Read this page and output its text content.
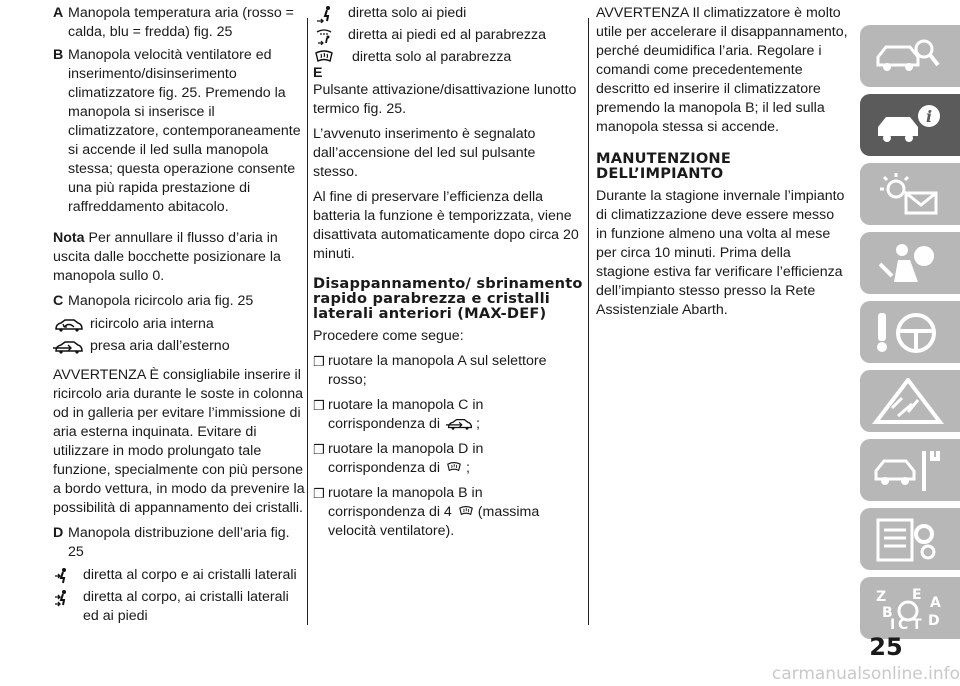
A Manopola temperatura aria (rosso = calda, blu = fredda) fig. 25
B Manopola velocità ventilatore ed inserimento/disinserimento climatizzatore fig. 25. Premendo la manopola si inserisce il climatizzatore, contemporaneamente si accende il led sulla manopola stessa; questa operazione consente una più rapida prestazione di raffreddamento abitacolo.

Nota Per annullare il flusso d’aria in uscita dalle bocchette posizionare la manopola sullo 0.

C Manopola ricircolo aria fig. 25
ricircolo aria interna
presa aria dall’esterno

AVVERTENZA È consigliabile inserire il ricircolo aria durante le soste in colonna od in galleria per evitare l’immissione di aria esterna inquinata. Evitare di utilizzare in modo prolungato tale funzione, specialmente con più persone a bordo vettura, in modo da prevenire la possibilità di appannamento dei cristalli.

D Manopola distribuzione dell’aria fig. 25
diretta al corpo e ai cristalli laterali
diretta al corpo, ai cristalli laterali ed ai piedi
diretta solo ai piedi
diretta ai piedi ed al parabrezza
diretta solo al parabrezza
E

Pulsante attivazione/disattivazione lunotto termico fig. 25.

L’avvenuto inserimento è segnalato dall’accensione del led sul pulsante stesso.

Al fine di preservare l’efficienza della batteria la funzione è temporizzata, viene disattivata automaticamente dopo circa 20 minuti.

Disappannamento/ sbrinamento rapido parabrezza e cristalli laterali anteriori (MAX-DEF)

Procedere come segue:

❒ ruotare la manopola A sul selettore rosso;
❒ ruotare la manopola C in corrispondenza di	;
❒ ruotare la manopola D in corrispondenza di ;
❒ ruotare la manopola B in corrispondenza di 4 (massima velocità ventilatore).

AVVERTENZA Il climatizzatore è molto utile per accelerare il disappannamento, perché deumidifica l’aria. Regolare i comandi come precedentemente descritto ed inserire il climatizzatore premendo la manopola B; il led sulla manopola stessa si accende.

MANUTENZIONE DELL’IMPIANTO

Durante la stagione invernale l’impianto di climatizzazione deve essere messo in funzione almeno una volta al mese per circa 10 minuti. Prima della stagione estiva far verificare l’efficienza dell’impianto stesso presso la Rete Assistenziale Abarth.

i
Z E
B
C T
A
D
I
25
carmanualsonline.info
